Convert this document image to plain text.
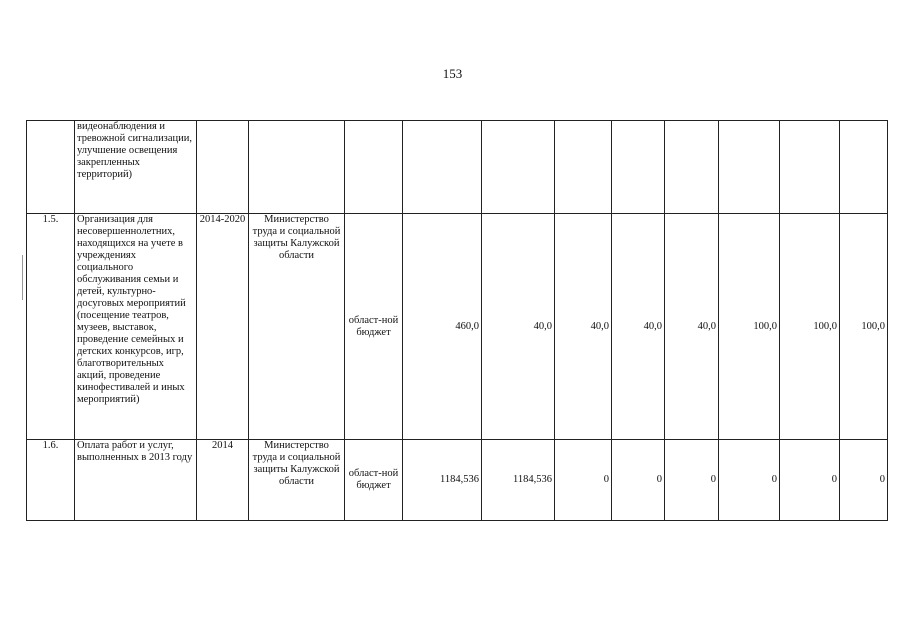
153
	видеонаблюдения и тревожной сигнализации, улучшение освещения закрепленных территорий)											
1.5.	Организация для несовершеннолетних, находящихся на учете в учреждениях социального обслуживания семьи и детей, культурно-досуговых мероприятий (посещение театров, музеев, выставок, проведение семейных и детских конкурсов, игр, благотворительных акций, проведение кинофестивалей и иных мероприятий)	2014-2020	Министерство труда и социальной защиты Калужской области	област-ной бюджет	460,0	40,0	40,0	40,0	40,0	100,0	100,0	100,0
1.6.	Оплата работ и услуг, выполненных в 2013 году	2014	Министерство труда и социальной защиты Калужской области	област-ной бюджет	1184,536	1184,536	0	0	0	0	0	0
